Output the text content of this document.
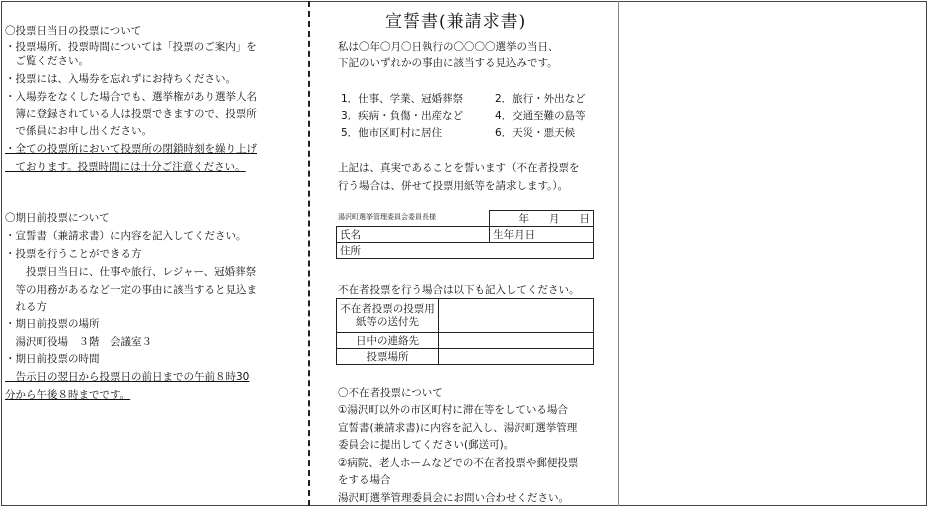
〇投票日当日の投票について
・投票場所、投票時間については「投票のご案内」を
　ご覧ください。
・投票には、入場券を忘れずにお持ちください。
・入場券をなくした場合でも、選挙権があり選挙人名
　簿に登録されている人は投票できますので、投票所
　で係員にお申し出ください。
・全ての投票所において投票所の閉鎖時刻を繰り上げ
　ております。投票時間には十分ご注意ください。
〇期日前投票について
・宣誓書（兼請求書）に内容を記入してください。
・投票を行うことができる方
　　投票日当日に、仕事や旅行、レジャー、冠婚葬祭
　等の用務があるなど一定の事由に該当すると見込ま
　れる方
・期日前投票の場所
　湯沢町役場　３階　会議室３
・期日前投票の時間
　告示日の翌日から投票日の前日までの午前８時30
分から午後８時までです。
宣誓書(兼請求書)
私は〇年〇月〇日執行の〇〇〇〇選挙の当日、
下記のいずれかの事由に該当する見込みです。
1．仕事、学業、冠婚葬祭	2．旅行・外出など
3．疾病・負傷・出産など	4．交通至難の島等
5．他市区町村に居住	6．天災・悪天候
上記は、真実であることを誓います（不在者投票を
行う場合は、併せて投票用紙等を請求します。）。
湯沢町選挙管理委員会委員長様
		年 月 日
氏名	生年月日
住所	
不在者投票を行う場合は以下も記入してください。
不在者投票の投票用
紙等の送付先	
日中の連絡先	
投票場所	
〇不在者投票について
①湯沢町以外の市区町村に滞在等をしている場合
宣誓書(兼請求書)に内容を記入し、湯沢町選挙管理
委員会に提出してください(郵送可)。
②病院、老人ホームなどでの不在者投票や郵便投票
をする場合
湯沢町選挙管理委員会にお問い合わせください。
